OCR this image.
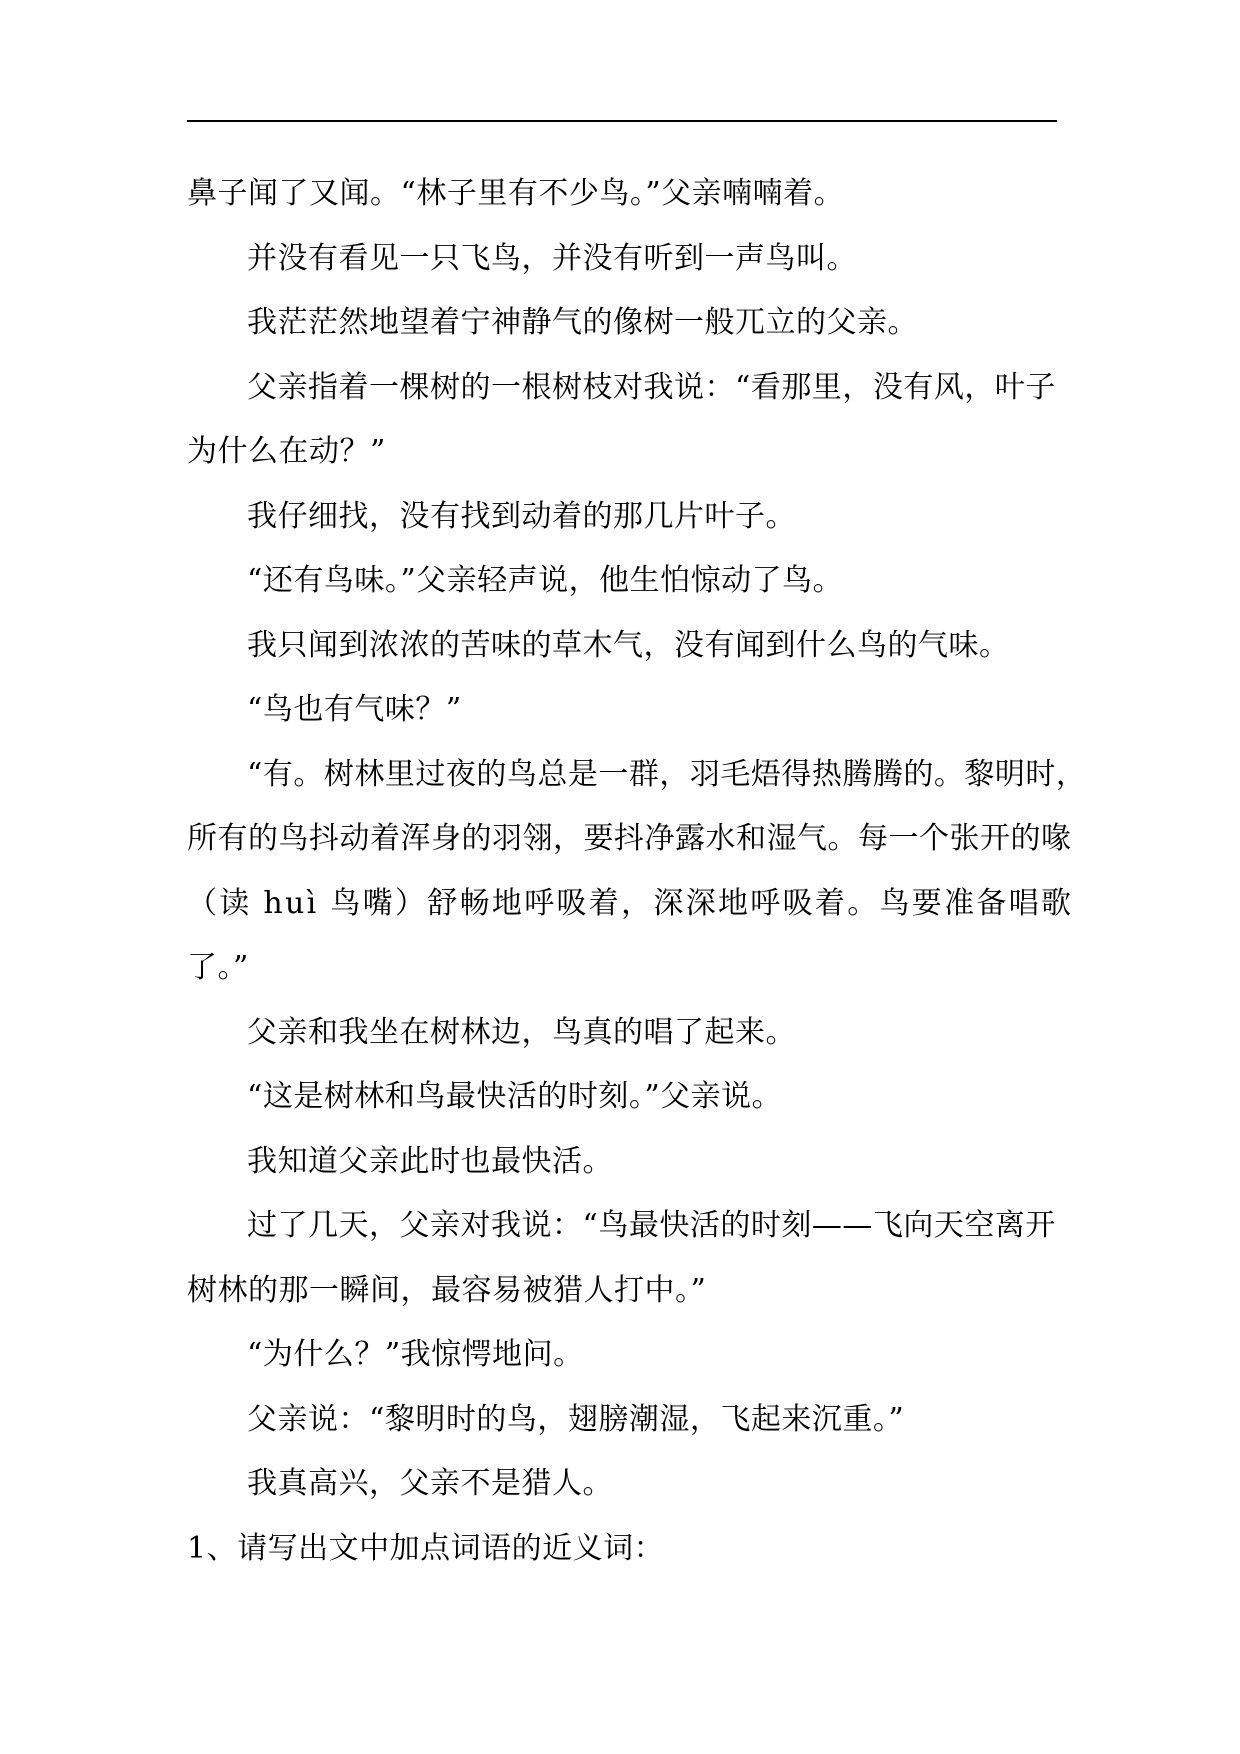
鼻子闻了又闻。“林子里有不少鸟。”父亲喃喃着。
并没有看见一只飞鸟，并没有听到一声鸟叫。
我茫茫然地望着宁神静气的像树一般兀立的父亲。
父亲指着一棵树的一根树枝对我说：“看那里，没有风，叶子
为什么在动？”
我仔细找，没有找到动着的那几片叶子。
“还有鸟味。”父亲轻声说，他生怕惊动了鸟。
我只闻到浓浓的苦味的草木气，没有闻到什么鸟的气味。
“鸟也有气味？”
“有。树林里过夜的鸟总是一群，羽毛焐得热腾腾的。黎明时，
所有的鸟抖动着浑身的羽翎，要抖净露水和湿气。每一个张开的喙
（读 huì 鸟嘴）舒畅地呼吸着，深深地呼吸着。鸟要准备唱歌
了。”
父亲和我坐在树林边，鸟真的唱了起来。
“这是树林和鸟最快活的时刻。”父亲说。
我知道父亲此时也最快活。
过了几天，父亲对我说：“鸟最快活的时刻——飞向天空离开
树林的那一瞬间，最容易被猎人打中。”
“为什么？”我惊愕地问。
父亲说：“黎明时的鸟，翅膀潮湿，飞起来沉重。”
我真高兴，父亲不是猎人。
1、请写出文中加点词语的近义词：
